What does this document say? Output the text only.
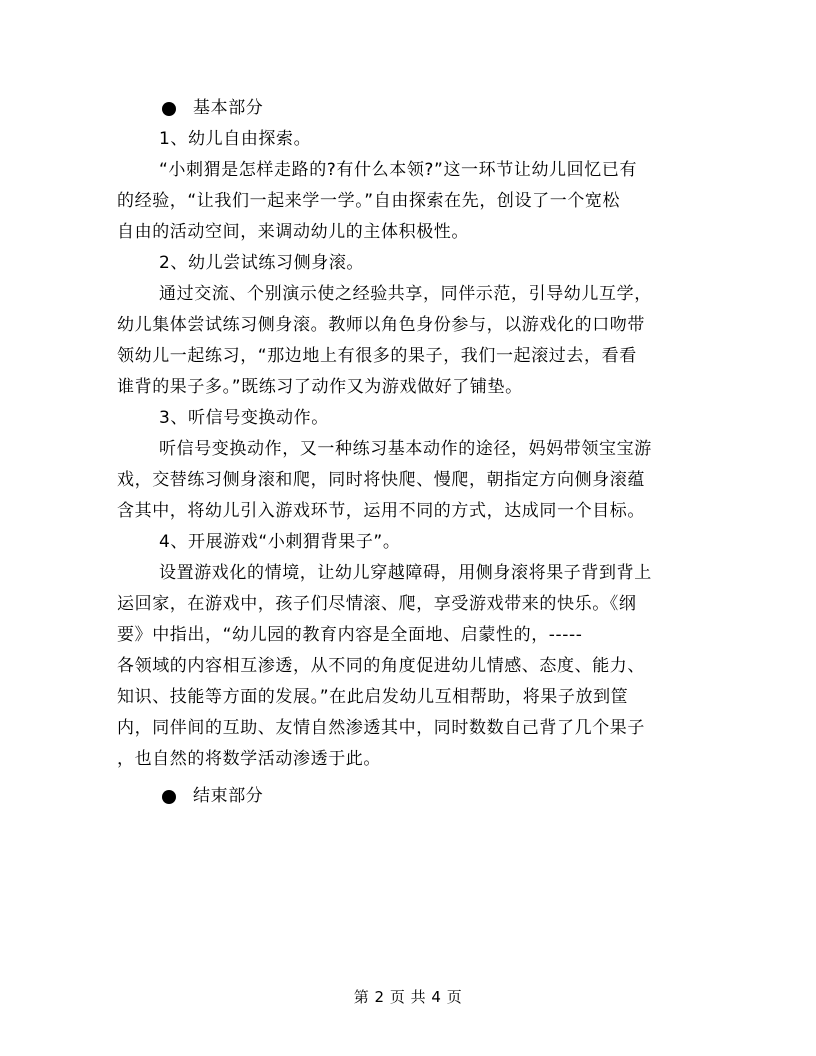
基本部分
1、幼儿自由探索。
“小刺猬是怎样走路的?有什么本领?”这一环节让幼儿回忆已有
的经验，“让我们一起来学一学。”自由探索在先，创设了一个宽松
自由的活动空间，来调动幼儿的主体积极性。
2、幼儿尝试练习侧身滚。
通过交流、个别演示使之经验共享，同伴示范，引导幼儿互学，
幼儿集体尝试练习侧身滚。教师以角色身份参与，以游戏化的口吻带
领幼儿一起练习，“那边地上有很多的果子，我们一起滚过去，看看
谁背的果子多。”既练习了动作又为游戏做好了铺垫。
3、听信号变换动作。
听信号变换动作，又一种练习基本动作的途径，妈妈带领宝宝游
戏，交替练习侧身滚和爬，同时将快爬、慢爬，朝指定方向侧身滚蕴
含其中，将幼儿引入游戏环节，运用不同的方式，达成同一个目标。
4、开展游戏“小刺猬背果子”。
设置游戏化的情境，让幼儿穿越障碍，用侧身滚将果子背到背上
运回家，在游戏中，孩子们尽情滚、爬，享受游戏带来的快乐。《纲
要》中指出，“幼儿园的教育内容是全面地、启蒙性的，-----
各领域的内容相互渗透，从不同的角度促进幼儿情感、态度、能力、
知识、技能等方面的发展。”在此启发幼儿互相帮助，将果子放到筐
内，同伴间的互助、友情自然渗透其中，同时数数自己背了几个果子
，也自然的将数学活动渗透于此。
结束部分
第 2 页 共 4 页
